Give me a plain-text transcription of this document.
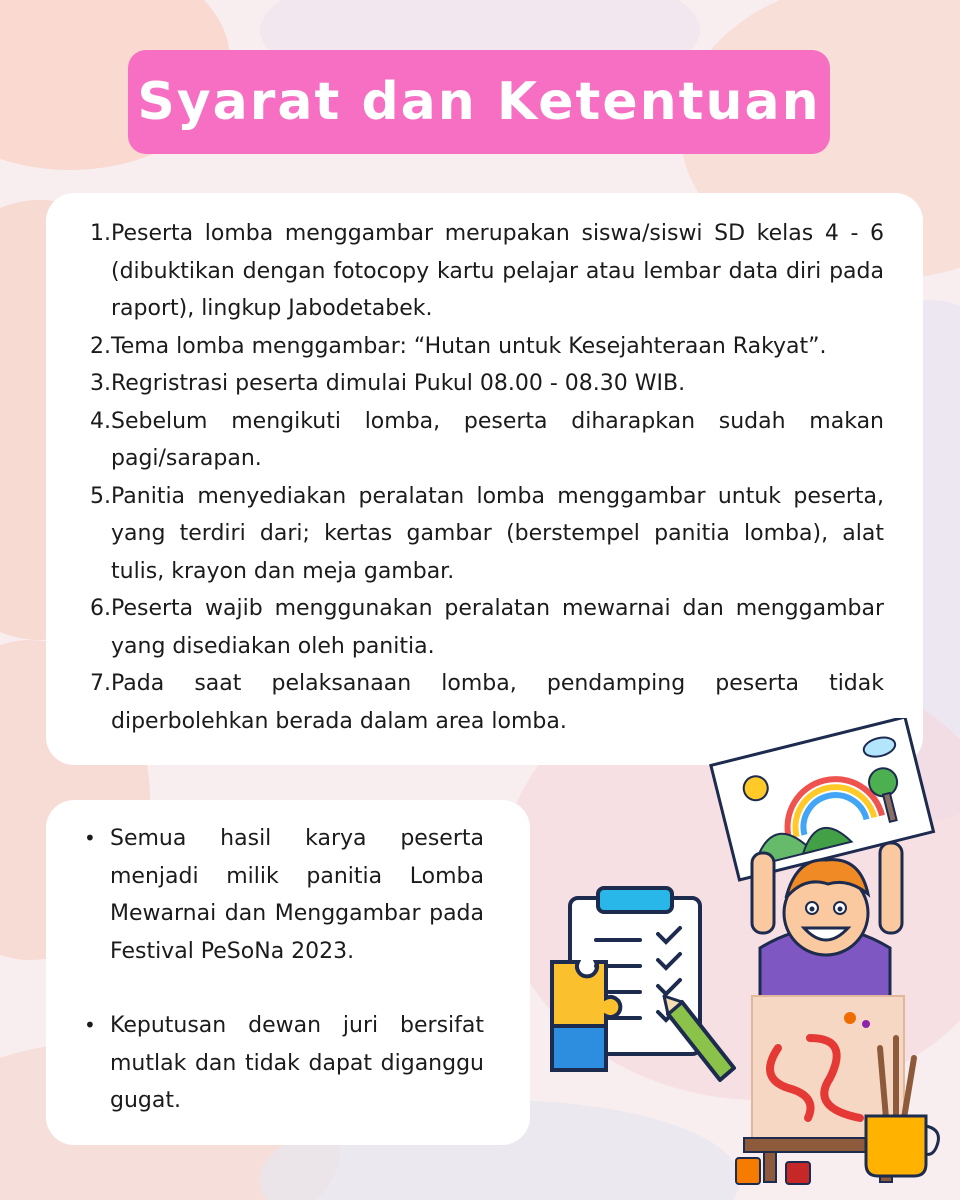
Syarat dan Ketentuan
1. Peserta lomba menggambar merupakan siswa/siswi SD kelas 4 - 6 (dibuktikan dengan fotocopy kartu pelajar atau lembar data diri pada raport), lingkup Jabodetabek.
2. Tema lomba menggambar: “Hutan untuk Kesejahteraan Rakyat”.
3. Regristrasi peserta dimulai Pukul 08.00 - 08.30 WIB.
4. Sebelum mengikuti lomba, peserta diharapkan sudah makan pagi/sarapan.
5. Panitia menyediakan peralatan lomba menggambar untuk peserta, yang terdiri dari; kertas gambar (berstempel panitia lomba), alat tulis, krayon dan meja gambar.
6. Peserta wajib menggunakan peralatan mewarnai dan menggambar yang disediakan oleh panitia.
7. Pada saat pelaksanaan lomba, pendamping peserta tidak diperbolehkan berada dalam area lomba.
• Semua hasil karya peserta menjadi milik panitia Lomba Mewarnai dan Menggambar pada Festival PeSoNa 2023.
• Keputusan dewan juri bersifat mutlak dan tidak dapat diganggu gugat.
